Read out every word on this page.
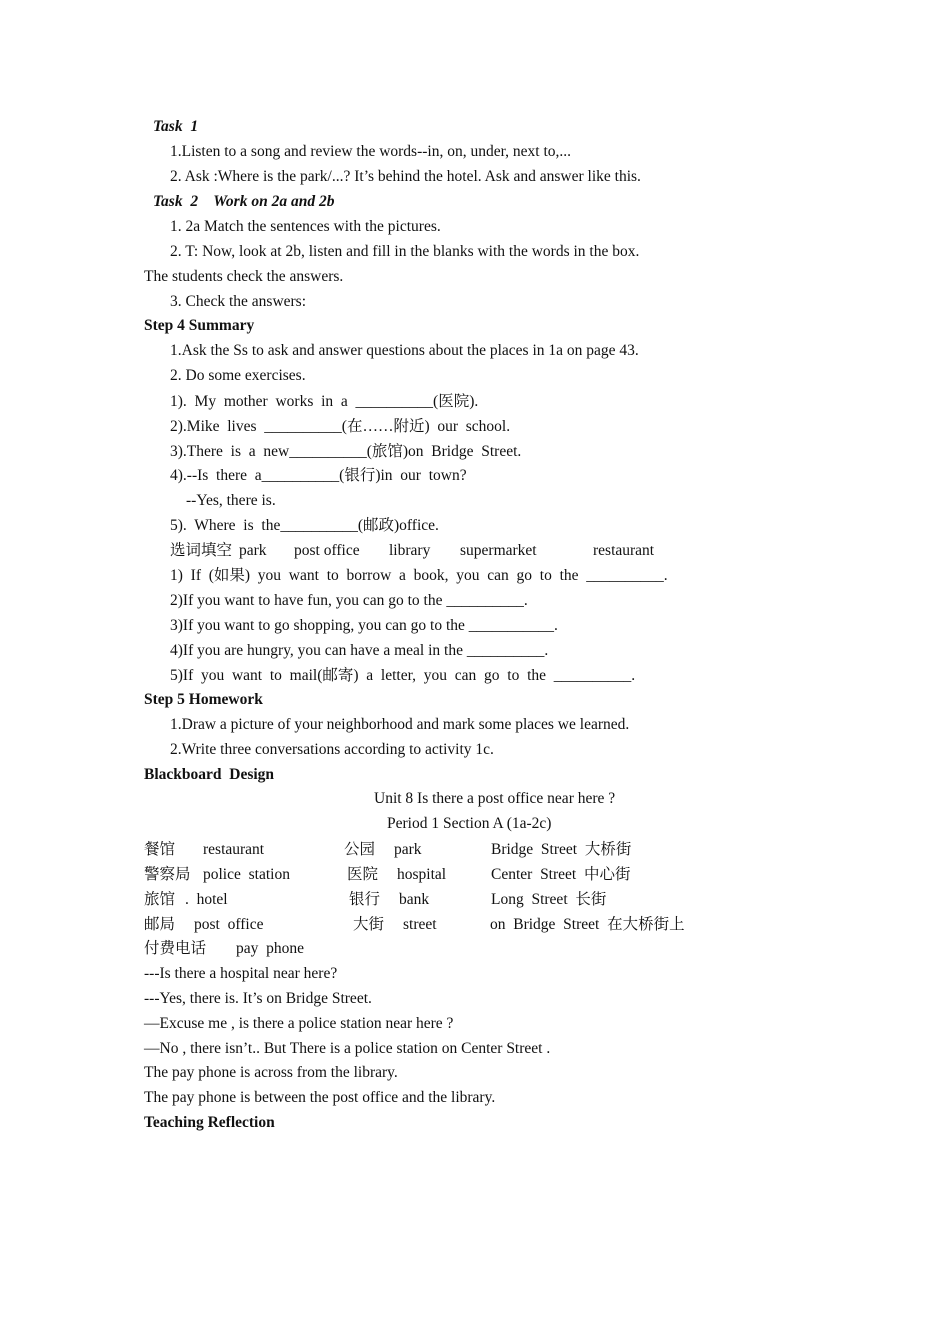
Task  1
1.Listen to a song and review the words--in, on, under, next to,...
2. Ask :Where is the park/...? It’s behind the hotel. Ask and answer like this.
Task  2    Work on 2a and 2b
1. 2a Match the sentences with the pictures.
2. T: Now, look at 2b, listen and fill in the blanks with the words in the box.
The students check the answers.
3. Check the answers:
Step 4 Summary
1.Ask the Ss to ask and answer questions about the places in 1a on page 43.
2. Do some exercises.
1).  My  mother  works  in  a  __________(医院).
2).Mike  lives  __________(在……附近)  our  school.
3).There  is  a  new__________(旅馆)on  Bridge  Street.
4).--Is  there  a__________(银行)in  our  town?
--Yes, there is.
5).  Where  is  the__________(邮政)office.
选词填空 park post office library supermarket	restaurant
1)  If  (如果)  you  want  to  borrow  a  book,  you  can  go  to  the  __________.
2)If you want to have fun, you can go to the __________.
3)If you want to go shopping, you can go to the ___________.
4)If you are hungry, you can have a meal in the __________.
5)If  you  want  to  mail(邮寄)  a  letter,  you  can  go  to  the  __________.
Step 5 Homework
1.Draw a picture of your neighborhood and mark some places we learned.
2.Write three conversations according to activity 1c.
Blackboard  Design
Unit 8 Is there a post office near here ?
Period 1 Section A (1a-2c)
餐馆 restaurant	公园 park	Bridge  Street  大桥街
警察局 police  station	医院 hospital	Center  Street  中心街
旅馆 .  hotel	银行 bank	Long  Street  长街
邮局 post  office	大街 street	on  Bridge  Street  在大桥街上
付费电话 pay  phone
---Is there a hospital near here?
---Yes, there is. It’s on Bridge Street.
—Excuse me , is there a police station near here ?
—No , there isn’t.. But There is a police station on Center Street .
The pay phone is across from the library.
The pay phone is between the post office and the library.
Teaching Reflection
